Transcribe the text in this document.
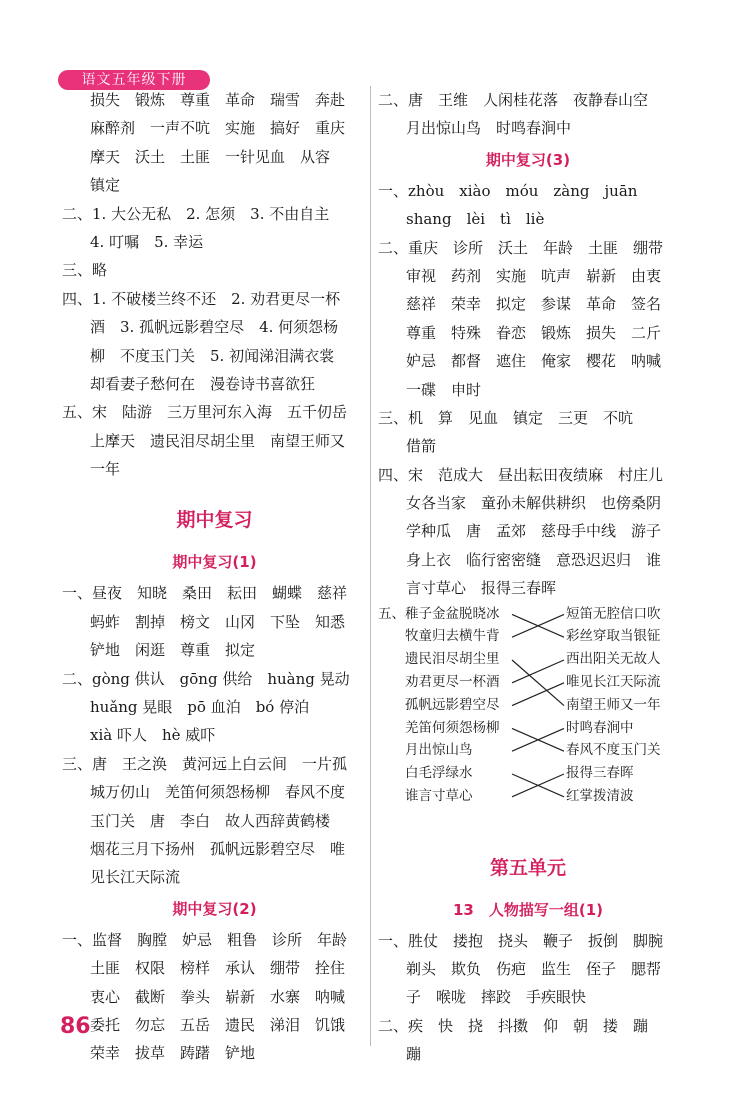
语文五年级下册
损失　锻炼　尊重　革命　瑞雪　奔赴
麻醉剂　一声不吭　实施　搞好　重庆
摩天　沃土　土匪　一针见血　从容
镇定
二、1. 大公无私　2. 怎须　3. 不由自主
4. 叮嘱　5. 幸运
三、略
四、1. 不破楼兰终不还　2. 劝君更尽一杯
酒　3. 孤帆远影碧空尽　4. 何须怨杨
柳　不度玉门关　5. 初闻涕泪满衣裳
却看妻子愁何在　漫卷诗书喜欲狂
五、宋　陆游　三万里河东入海　五千仞岳
上摩天　遗民泪尽胡尘里　南望王师又
一年
期中复习
期中复习(1)
一、昼夜　知晓　桑田　耘田　蝴蝶　慈祥
蚂蚱　割掉　榜文　山冈　下坠　知悉
铲地　闲逛　尊重　拟定
二、gòng 供认　gōng 供给　huàng 晃动
huǎng 晃眼　pō 血泊　bó 停泊
xià 吓人　hè 威吓
三、唐　王之涣　黄河远上白云间　一片孤
城万仞山　羌笛何须怨杨柳　春风不度
玉门关　唐　李白　故人西辞黄鹤楼
烟花三月下扬州　孤帆远影碧空尽　唯
见长江天际流
期中复习(2)
一、监督　胸膛　妒忌　粗鲁　诊所　年龄
土匪　权限　榜样　承认　绷带　拴住
衷心　截断　拳头　崭新　水寨　呐喊
委托　勿忘　五岳　遗民　涕泪　饥饿
荣幸　拔草　踌躇　铲地
二、唐　王维　人闲桂花落　夜静春山空
月出惊山鸟　时鸣春涧中
期中复习(3)
一、zhòu　xiào　móu　zàng　juān
shang　lèi　tì　liè
二、重庆　诊所　沃土　年龄　土匪　绷带
审视　药剂　实施　吭声　崭新　由衷
慈祥　荣幸　拟定　参谋　革命　签名
尊重　特殊　眷恋　锻炼　损失　二斤
妒忌　都督　遮住　俺家　樱花　呐喊
一碟　申时
三、机　算　见血　镇定　三更　不吭
借箭
四、宋　范成大　昼出耘田夜绩麻　村庄儿
女各当家　童孙未解供耕织　也傍桑阴
学种瓜　唐　孟郊　慈母手中线　游子
身上衣　临行密密缝　意恐迟迟归　谁
言寸草心　报得三春晖
五、稚子金盆脱晓冰
　　牧童归去横牛背
　　遗民泪尽胡尘里
　　劝君更尽一杯酒
　　孤帆远影碧空尽
　　羌笛何须怨杨柳
　　月出惊山鸟
　　白毛浮绿水
　　谁言寸草心
短笛无腔信口吹
彩丝穿取当银钲
西出阳关无故人
唯见长江天际流
南望王师又一年
时鸣春涧中
春风不度玉门关
报得三春晖
红掌拨清波
第五单元
13　人物描写一组(1)
一、胜仗　搂抱　挠头　鞭子　扳倒　脚腕
剃头　欺负　伤疤　监生　侄子　腮帮
子　喉咙　摔跤　手疾眼快
二、疾　快　挠　抖擞　仰　朝　搂　蹦
蹦
86
